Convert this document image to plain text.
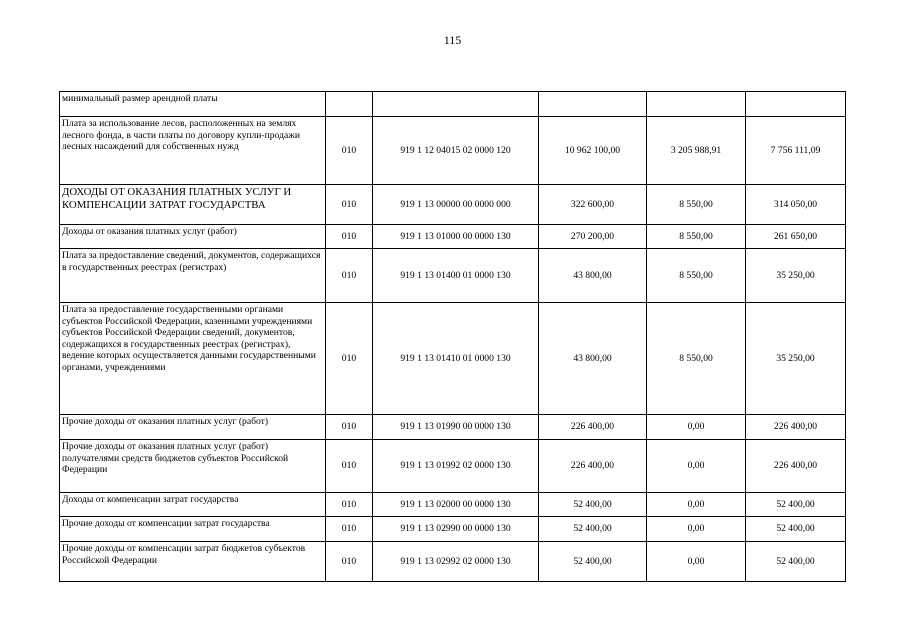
115
минимальный размер арендной платы					
Плата за использование лесов, расположенных на землях лесного фонда, в части платы по договору купли-продажи лесных насаждений для собственных нужд	010	919 1 12 04015 02 0000 120	10 962 100,00	3 205 988,91	7 756 111,09
ДОХОДЫ ОТ ОКАЗАНИЯ ПЛАТНЫХ УСЛУГ И КОМПЕНСАЦИИ ЗАТРАТ ГОСУДАРСТВА	010	919 1 13 00000 00 0000 000	322 600,00	8 550,00	314 050,00
Доходы от оказания платных услуг (работ)	010	919 1 13 01000 00 0000 130	270 200,00	8 550,00	261 650,00
Плата за предоставление сведений, документов, содержащихся в государственных реестрах (регистрах)	010	919 1 13 01400 01 0000 130	43 800,00	8 550,00	35 250,00
Плата за предоставление государственными органами субъектов Российской Федерации, казенными учреждениями субъектов Российской Федерации сведений, документов, содержащихся в государственных реестрах (регистрах), ведение которых осуществляется данными государственными органами, учреждениями	010	919 1 13 01410 01 0000 130	43 800,00	8 550,00	35 250,00
Прочие доходы от оказания платных услуг (работ)	010	919 1 13 01990 00 0000 130	226 400,00	0,00	226 400,00
Прочие доходы от оказания платных услуг (работ) получателями средств бюджетов субъектов Российской Федерации	010	919 1 13 01992 02 0000 130	226 400,00	0,00	226 400,00
Доходы от компенсации затрат государства	010	919 1 13 02000 00 0000 130	52 400,00	0,00	52 400,00
Прочие доходы от компенсации затрат государства	010	919 1 13 02990 00 0000 130	52 400,00	0,00	52 400,00
Прочие доходы от компенсации затрат бюджетов субъектов Российской Федерации	010	919 1 13 02992 02 0000 130	52 400,00	0,00	52 400,00
